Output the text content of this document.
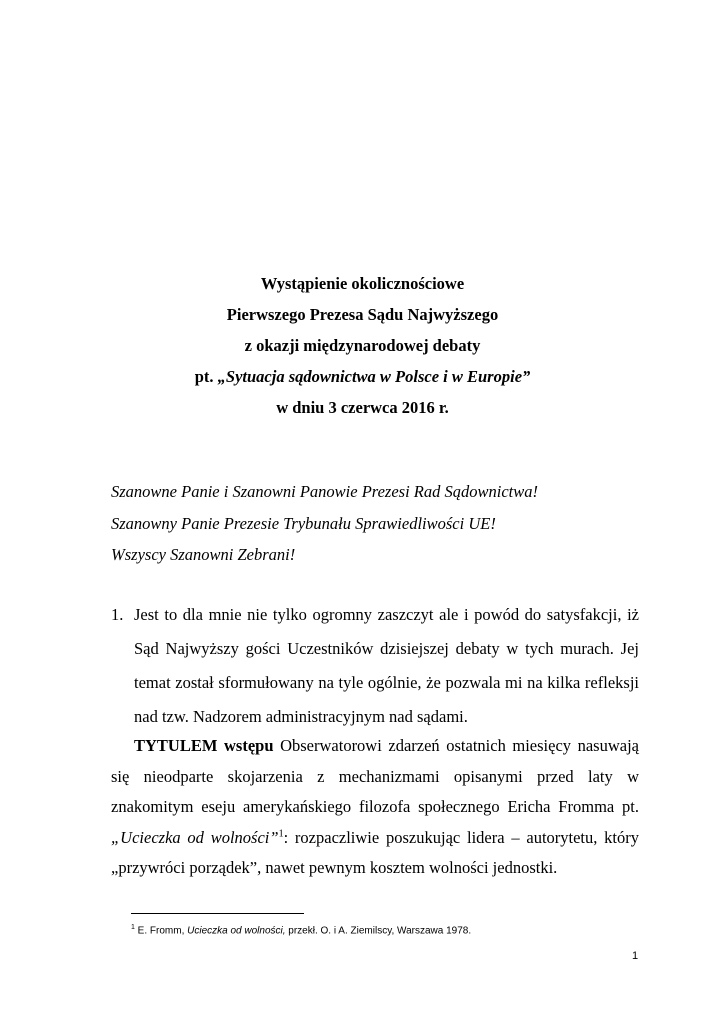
Wystąpienie okolicznościowe
Pierwszego Prezesa Sądu Najwyższego
z okazji międzynarodowej debaty
pt. „Sytuacja sądownictwa w Polsce i w Europie”
w dniu 3 czerwca 2016 r.
Szanowne Panie i Szanowni Panowie Prezesi Rad Sądownictwa!
Szanowny Panie Prezesie Trybunału Sprawiedliwości UE!
Wszyscy Szanowni Zebrani!
1. Jest to dla mnie nie tylko ogromny zaszczyt ale i powód do satysfakcji, iż Sąd Najwyższy gości Uczestników dzisiejszej debaty w tych murach. Jej temat został sformułowany na tyle ogólnie, że pozwala mi na kilka refleksji nad tzw. Nadzorem administracyjnym nad sądami.
TYTULEM wstępu Obserwatorowi zdarzeń ostatnich miesięcy nasuwają się nieodparte skojarzenia z mechanizmami opisanymi przed laty w znakomitym eseju amerykańskiego filozofa społecznego Ericha Fromma pt. „Ucieczka od wolności”$^1$: rozpaczliwie poszukując lidera – autorytetu, który „przywróci porządek”, nawet pewnym kosztem wolności jednostki.
$^1$ E. Fromm, Ucieczka od wolności, przekł. O. i A. Ziemilscy, Warszawa 1978.
1
